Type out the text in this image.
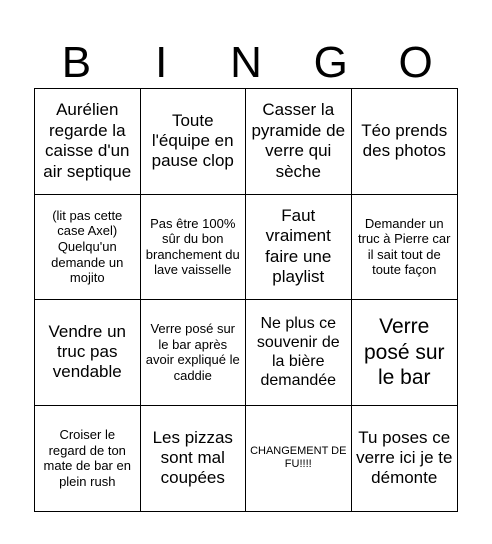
B	I	N	G	O
Aurélien regarde la caisse d'un air septique
Toute l'équipe en pause clop
Casser la pyramide de verre qui sèche
Téo prends des photos
(lit pas cette case Axel) Quelqu'un demande un mojito
Pas être 100% sûr du bon branchement du lave vaisselle
Faut vraiment faire une playlist
Demander un truc à Pierre car il sait tout de toute façon
Vendre un truc pas vendable
Verre posé sur le bar après avoir expliqué le caddie
Ne plus ce souvenir de la bière demandée
Verre posé sur le bar
Croiser le regard de ton mate de bar en plein rush
Les pizzas sont mal coupées
CHANGEMENT DE FU!!!!
Tu poses ce verre ici je te démonte
